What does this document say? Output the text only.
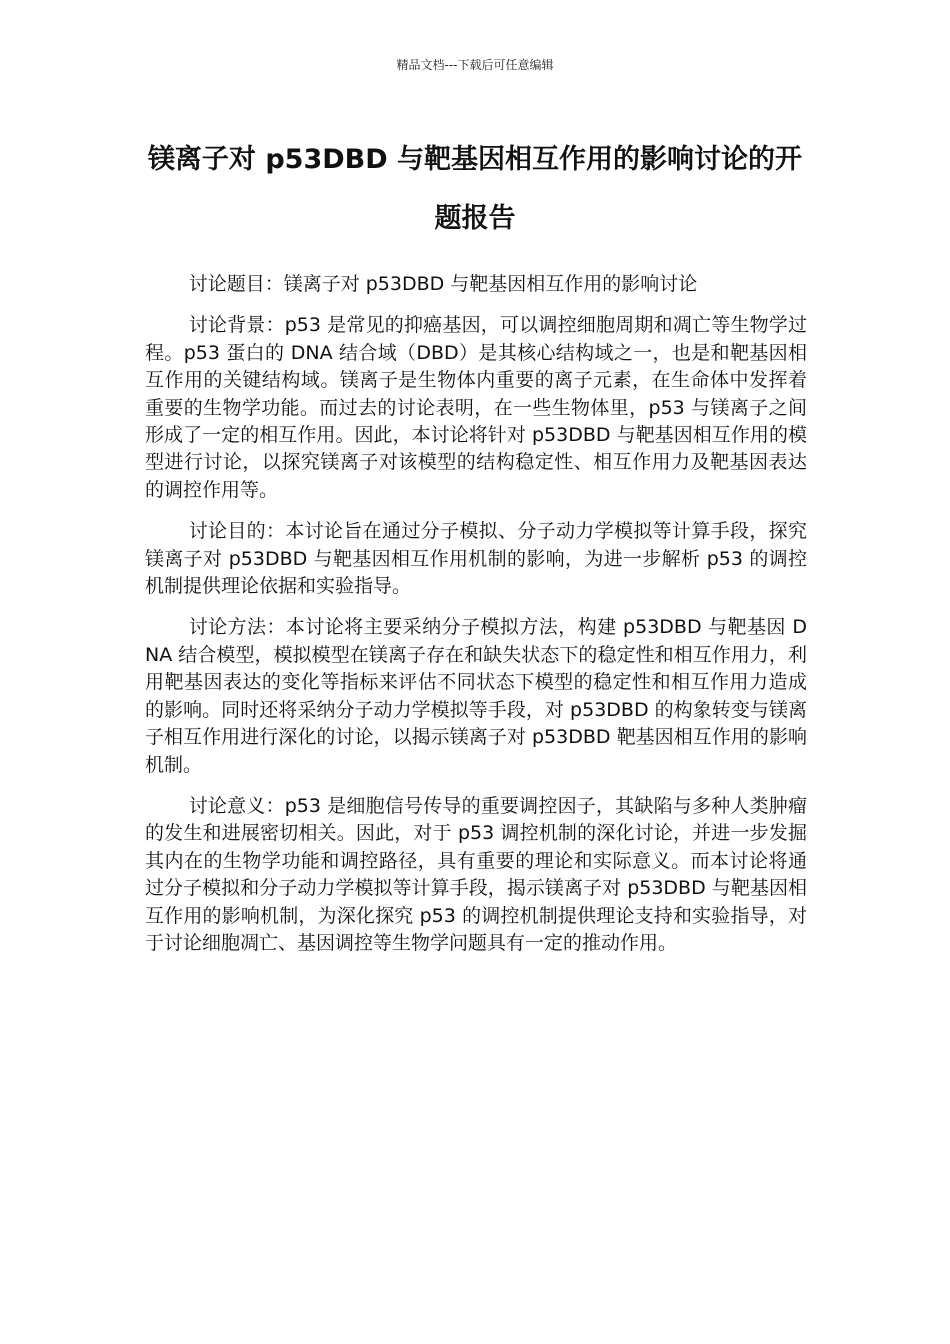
精品文档---下载后可任意编辑
镁离子对 p53DBD 与靶基因相互作用的影响讨论的开题报告

讨论题目：镁离子对 p53DBD 与靶基因相互作用的影响讨论

讨论背景：p53 是常见的抑癌基因，可以调控细胞周期和凋亡等生物学过程。p53 蛋白的 DNA 结合域（DBD）是其核心结构域之一，也是和靶基因相互作用的关键结构域。镁离子是生物体内重要的离子元素，在生命体中发挥着重要的生物学功能。而过去的讨论表明，在一些生物体里，p53 与镁离子之间形成了一定的相互作用。因此，本讨论将针对 p53DBD 与靶基因相互作用的模型进行讨论，以探究镁离子对该模型的结构稳定性、相互作用力及靶基因表达的调控作用等。

讨论目的：本讨论旨在通过分子模拟、分子动力学模拟等计算手段，探究镁离子对 p53DBD 与靶基因相互作用机制的影响，为进一步解析 p53 的调控机制提供理论依据和实验指导。

讨论方法：本讨论将主要采纳分子模拟方法，构建 p53DBD 与靶基因 DNA 结合模型，模拟模型在镁离子存在和缺失状态下的稳定性和相互作用力，利用靶基因表达的变化等指标来评估不同状态下模型的稳定性和相互作用力造成的影响。同时还将采纳分子动力学模拟等手段，对 p53DBD 的构象转变与镁离子相互作用进行深化的讨论，以揭示镁离子对 p53DBD 靶基因相互作用的影响机制。

讨论意义：p53 是细胞信号传导的重要调控因子，其缺陷与多种人类肿瘤的发生和进展密切相关。因此，对于 p53 调控机制的深化讨论，并进一步发掘其内在的生物学功能和调控路径，具有重要的理论和实际意义。而本讨论将通过分子模拟和分子动力学模拟等计算手段，揭示镁离子对 p53DBD 与靶基因相互作用的影响机制，为深化探究 p53 的调控机制提供理论支持和实验指导，对于讨论细胞凋亡、基因调控等生物学问题具有一定的推动作用。
